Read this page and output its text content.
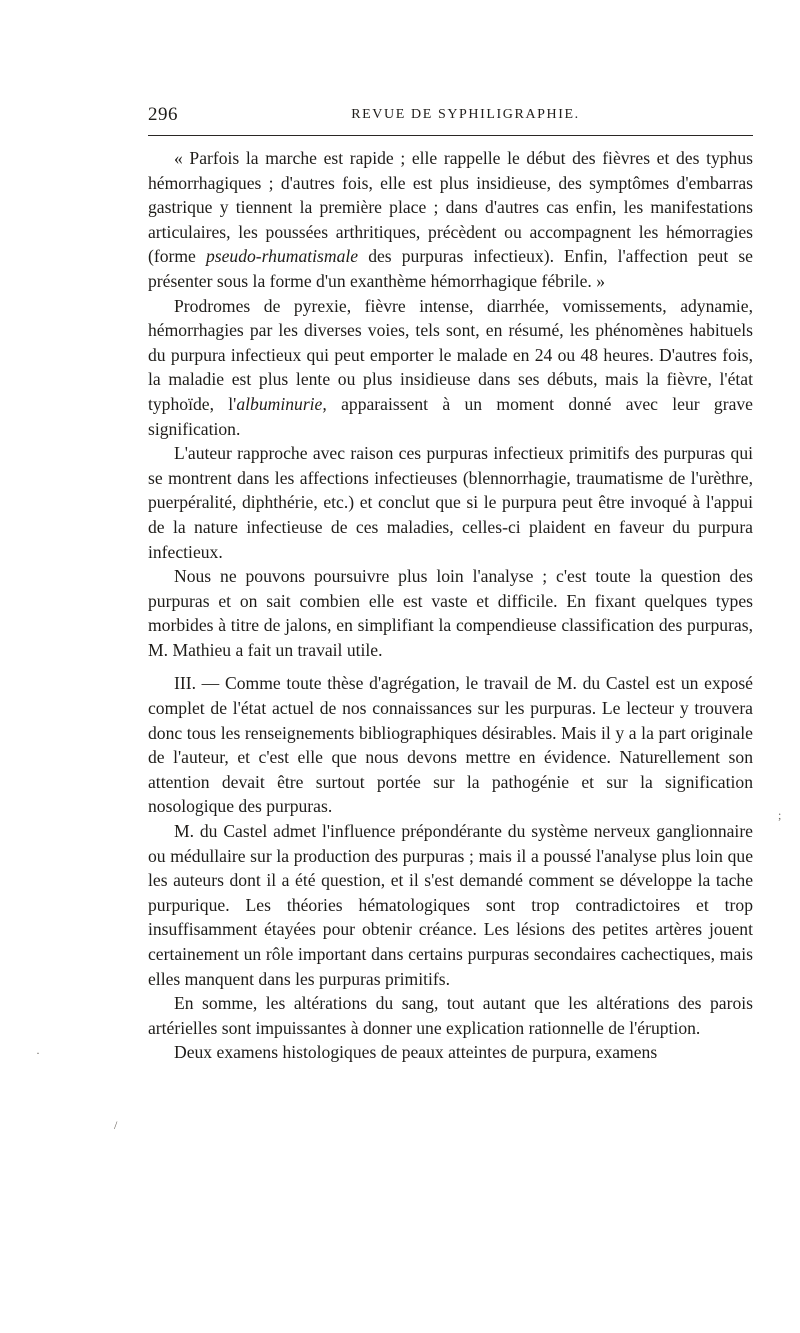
296	REVUE DE SYPHILIGRAPHIE.

« Parfois la marche est rapide ; elle rappelle le début des fièvres et des typhus hémorrhagiques ; d'autres fois, elle est plus insidieuse, des symptômes d'embarras gastrique y tiennent la première place ; dans d'autres cas enfin, les manifestations articulaires, les poussées arthritiques, précèdent ou accompagnent les hémorragies (forme pseudo-rhumatismale des purpuras infectieux). Enfin, l'affection peut se présenter sous la forme d'un exanthème hémorrhagique fébrile. »

Prodromes de pyrexie, fièvre intense, diarrhée, vomissements, adynamie, hémorrhagies par les diverses voies, tels sont, en résumé, les phénomènes habituels du purpura infectieux qui peut emporter le malade en 24 ou 48 heures. D'autres fois, la maladie est plus lente ou plus insidieuse dans ses débuts, mais la fièvre, l'état typhoïde, l'albuminurie, apparaissent à un moment donné avec leur grave signification.

L'auteur rapproche avec raison ces purpuras infectieux primitifs des purpuras qui se montrent dans les affections infectieuses (blennorrhagie, traumatisme de l'urèthre, puerpéralité, diphthérie, etc.) et conclut que si le purpura peut être invoqué à l'appui de la nature infectieuse de ces maladies, celles-ci plaident en faveur du purpura infectieux.

Nous ne pouvons poursuivre plus loin l'analyse ; c'est toute la question des purpuras et on sait combien elle est vaste et difficile. En fixant quelques types morbides à titre de jalons, en simplifiant la compendieuse classification des purpuras, M. Mathieu a fait un travail utile.

III. — Comme toute thèse d'agrégation, le travail de M. du Castel est un exposé complet de l'état actuel de nos connaissances sur les purpuras. Le lecteur y trouvera donc tous les renseignements bibliographiques désirables. Mais il y a la part originale de l'auteur, et c'est elle que nous devons mettre en évidence. Naturellement son attention devait être surtout portée sur la pathogénie et sur la signification nosologique des purpuras.

M. du Castel admet l'influence prépondérante du système nerveux ganglionnaire ou médullaire sur la production des purpuras ; mais il a poussé l'analyse plus loin que les auteurs dont il a été question, et il s'est demandé comment se développe la tache purpurique. Les théories hématologiques sont trop contradictoires et trop insuffisamment étayées pour obtenir créance. Les lésions des petites artères jouent certainement un rôle important dans certains purpuras secondaires cachectiques, mais elles manquent dans les purpuras primitifs.

En somme, les altérations du sang, tout autant que les altérations des parois artérielles sont impuissantes à donner une explication rationnelle de l'éruption.

Deux examens histologiques de peaux atteintes de purpura, examens

;
/
·
